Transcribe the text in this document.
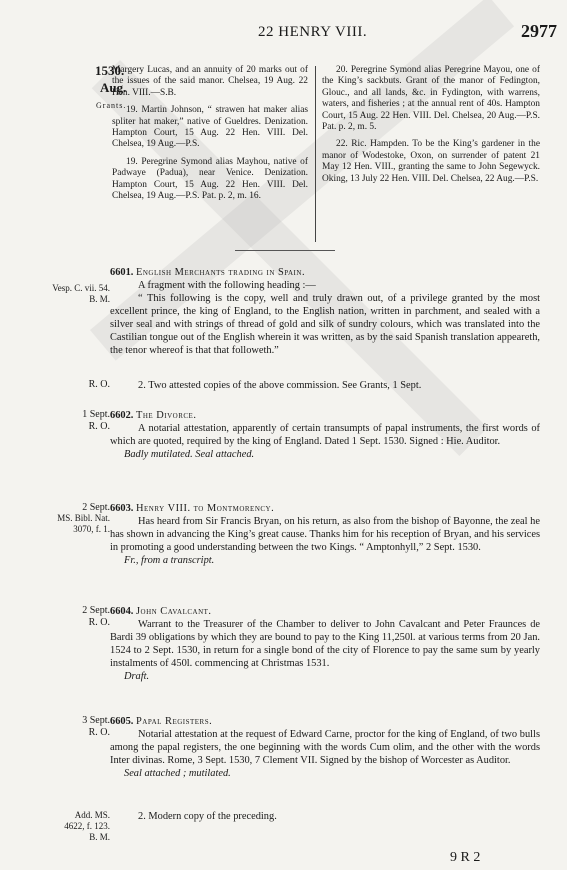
22 HENRY VIII.	2977
1530.
Aug.
Grants.

Margery Lucas, and an annuity of 20 marks out of the issues of the said manor. Chelsea, 19 Aug. 22 Hen. VIII.—S.B.

19. Martin Johnson, “ strawen hat maker alias spliter hat maker,” native of Gueldres. Denization. Hampton Court, 15 Aug. 22 Hen. VIII. Del. Chelsea, 19 Aug.—P.S.

19. Peregrine Symond alias Mayhou, native of Padwaye (Padua), near Venice. Denization. Hampton Court, 15 Aug. 22 Hen. VIII. Del. Chelsea, 19 Aug.—P.S. Pat. p. 2, m. 16.

20. Peregrine Symond alias Peregrine Mayou, one of the King’s sackbuts. Grant of the manor of Fedington, Glouc., and all lands, &c. in Fydington, with warrens, waters, and fisheries ; at the annual rent of 40s. Hampton Court, 15 Aug. 22 Hen. VIII. Del. Chelsea, 20 Aug.—P.S. Pat. p. 2, m. 5.

22. Ric. Hampden. To be the King’s gardener in the manor of Wodestoke, Oxon, on surrender of patent 21 May 12 Hen. VIII., granting the same to John Segewyck. Oking, 13 July 22 Hen. VIII. Del. Chelsea, 22 Aug.—P.S.

Vesp. C. vii. 54.
B. M.
6601. English Merchants trading in Spain.
A fragment with the following heading :—
“ This following is the copy, well and truly drawn out, of a privilege granted by the most excellent prince, the king of England, to the English nation, written in parchment, and sealed with a silver seal and with strings of thread of gold and silk of sundry colours, which was translated into the Castilian tongue out of the English wherein it was written, as by the said Spanish translation appeareth, the tenor whereof is that that followeth.”
R. O.	2. Two attested copies of the above commission. See Grants, 1 Sept.
1 Sept.
R. O.
6602. The Divorce.
A notarial attestation, apparently of certain transumpts of papal instruments, the first words of which are quoted, required by the king of England. Dated 1 Sept. 1530. Signed : Hie. Auditor.
Badly mutilated. Seal attached.
2 Sept.
MS. Bibl. Nat.
3070, f. 1.
6603. Henry VIII. to Montmorency.
Has heard from Sir Francis Bryan, on his return, as also from the bishop of Bayonne, the zeal he has shown in advancing the King’s great cause. Thanks him for his reception of Bryan, and his services in promoting a good understanding between the two Kings. “ Amptonhyll,” 2 Sept. 1530.
Fr., from a transcript.
2 Sept.
R. O.
6604. John Cavalcant.
Warrant to the Treasurer of the Chamber to deliver to John Cavalcant and Peter Fraunces de Bardi 39 obligations by which they are bound to pay to the King 11,250l. at various terms from 20 Jan. 1524 to 2 Sept. 1530, in return for a single bond of the city of Florence to pay the same sum by yearly instalments of 450l. commencing at Christmas 1531.
Draft.
3 Sept.
R. O.
6605. Papal Registers.
Notarial attestation at the request of Edward Carne, proctor for the king of England, of two bulls among the papal registers, the one beginning with the words Cum olim, and the other with the words Inter divinas. Rome, 3 Sept. 1530, 7 Clement VII. Signed by the bishop of Worcester as Auditor.
Seal attached ; mutilated.
Add. MS.
4622, f. 123.
B. M.
2. Modern copy of the preceding.
9 R 2
